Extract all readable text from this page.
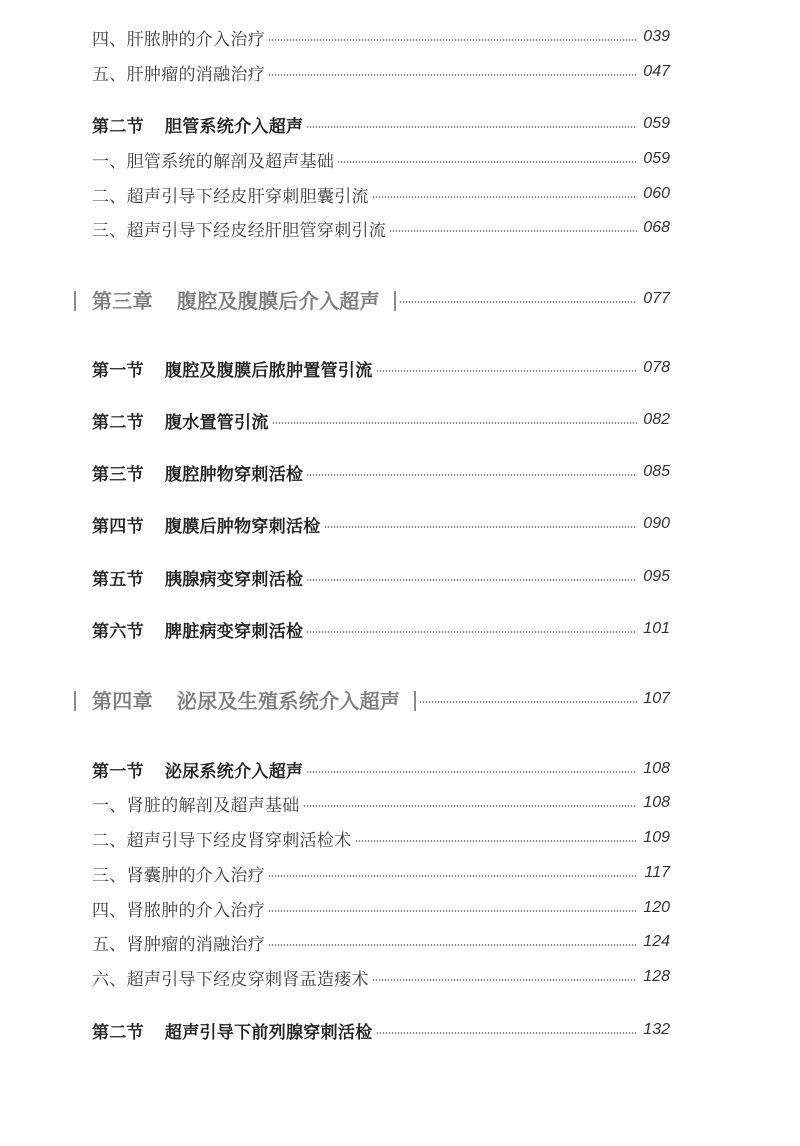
四、肝脓肿的介入治疗	039
五、肝肿瘤的消融治疗	047
第二节 胆管系统介入超声	059
一、胆管系统的解剖及超声基础	059
二、超声引导下经皮肝穿刺胆囊引流	060
三、超声引导下经皮经肝胆管穿刺引流	068
第三章 腹腔及腹膜后介入超声	077
第一节 腹腔及腹膜后脓肿置管引流	078
第二节 腹水置管引流	082
第三节 腹腔肿物穿刺活检	085
第四节 腹膜后肿物穿刺活检	090
第五节 胰腺病变穿刺活检	095
第六节 脾脏病变穿刺活检	101
第四章 泌尿及生殖系统介入超声	107
第一节 泌尿系统介入超声	108
一、肾脏的解剖及超声基础	108
二、超声引导下经皮肾穿刺活检术	109
三、肾囊肿的介入治疗	117
四、肾脓肿的介入治疗	120
五、肾肿瘤的消融治疗	124
六、超声引导下经皮穿刺肾盂造瘘术	128
第二节 超声引导下前列腺穿刺活检	132
